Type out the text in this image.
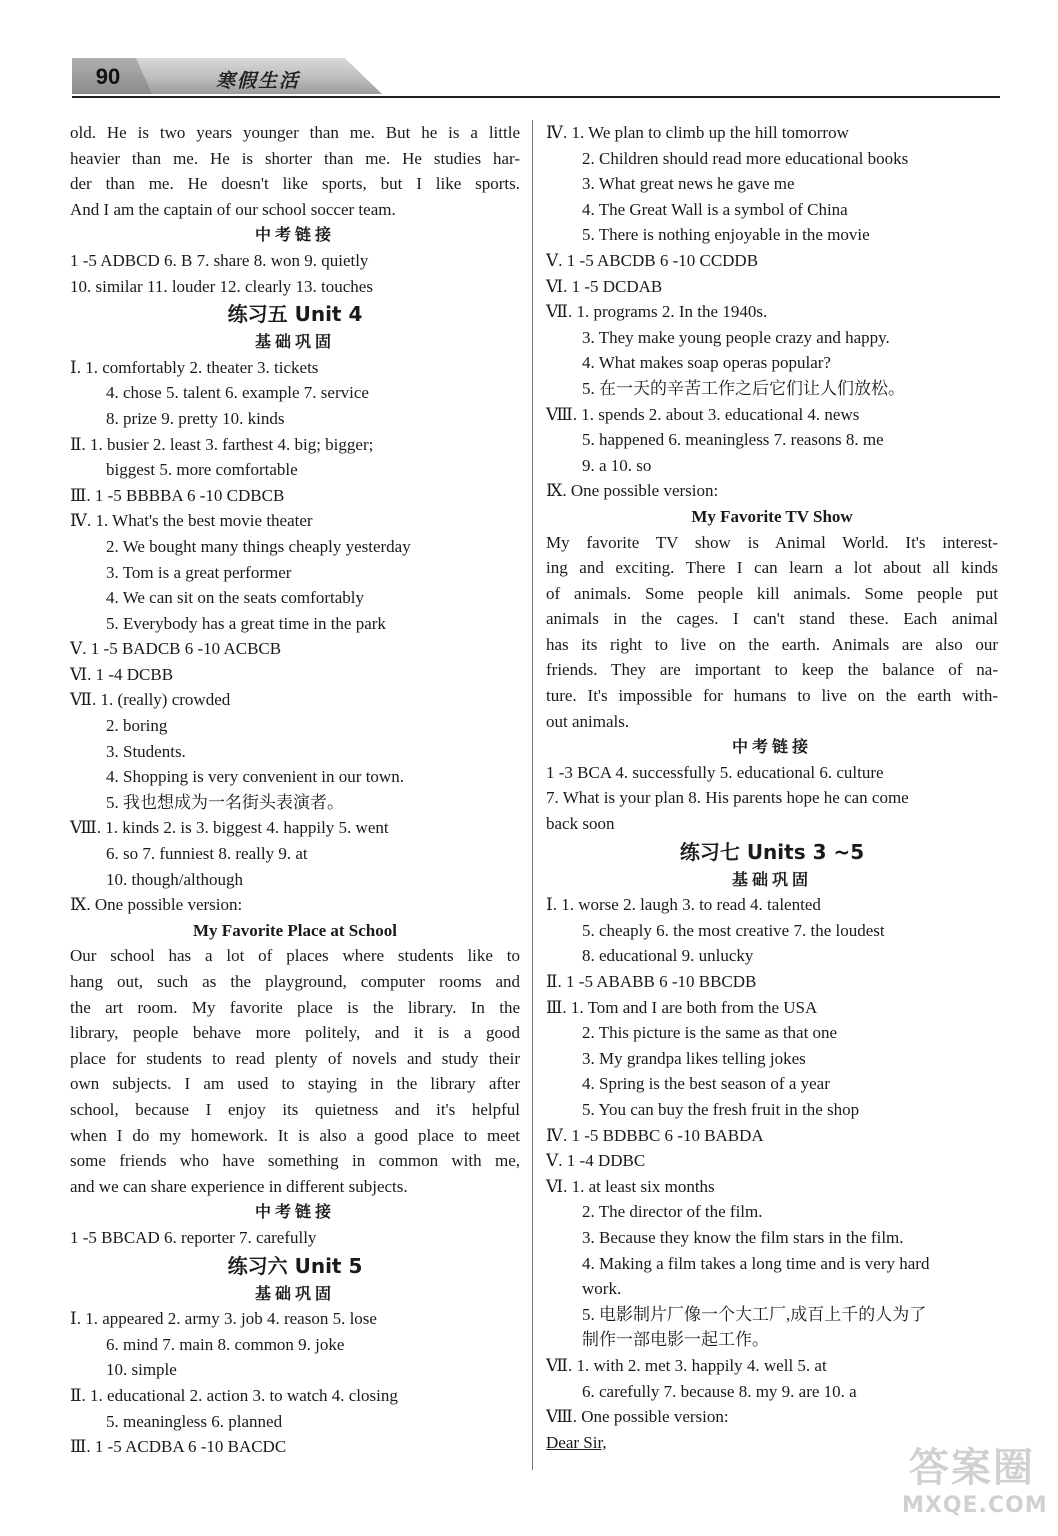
90	寒假生活
old. He is two years younger than me. But he is a little
heavier than me. He is shorter than me. He studies har-
der than me. He doesn't like sports, but I like sports.
And I am the captain of our school soccer team.
中考链接
1 -5 ADBCD 6. B 7. share 8. won 9. quietly
10. similar 11. louder 12. clearly 13. touches
练习五 Unit 4
基础巩固
Ⅰ. 1. comfortably 2. theater 3. tickets
4. chose 5. talent 6. example 7. service
8. prize 9. pretty 10. kinds
Ⅱ. 1. busier 2. least 3. farthest 4. big; bigger;
biggest 5. more comfortable
Ⅲ. 1 -5 BBBBA 6 -10 CDBCB
Ⅳ. 1. What's the best movie theater
2. We bought many things cheaply yesterday
3. Tom is a great performer
4. We can sit on the seats comfortably
5. Everybody has a great time in the park
Ⅴ. 1 -5 BADCB 6 -10 ACBCB
Ⅵ. 1 -4 DCBB
Ⅶ. 1. (really) crowded
2. boring
3. Students.
4. Shopping is very convenient in our town.
5. 我也想成为一名街头表演者。
Ⅷ. 1. kinds 2. is 3. biggest 4. happily 5. went
6. so 7. funniest 8. really 9. at
10. though/although
Ⅸ. One possible version:
My Favorite Place at School
Our school has a lot of places where students like to
hang out, such as the playground, computer rooms and
the art room. My favorite place is the library. In the
library, people behave more politely, and it is a good
place for students to read plenty of novels and study their
own subjects. I am used to staying in the library after
school, because I enjoy its quietness and it's helpful
when I do my homework. It is also a good place to meet
some friends who have something in common with me,
and we can share experience in different subjects.
中考链接
1 -5 BBCAD 6. reporter 7. carefully
练习六 Unit 5
基础巩固
Ⅰ. 1. appeared 2. army 3. job 4. reason 5. lose
6. mind 7. main 8. common 9. joke
10. simple
Ⅱ. 1. educational 2. action 3. to watch 4. closing
5. meaningless 6. planned
Ⅲ. 1 -5 ACDBA 6 -10 BACDC
Ⅳ. 1. We plan to climb up the hill tomorrow
2. Children should read more educational books
3. What great news he gave me
4. The Great Wall is a symbol of China
5. There is nothing enjoyable in the movie
Ⅴ. 1 -5 ABCDB 6 -10 CCDDB
Ⅵ. 1 -5 DCDAB
Ⅶ. 1. programs 2. In the 1940s.
3. They make young people crazy and happy.
4. What makes soap operas popular?
5. 在一天的辛苦工作之后它们让人们放松。
Ⅷ. 1. spends 2. about 3. educational 4. news
5. happened 6. meaningless 7. reasons 8. me
9. a 10. so
Ⅸ. One possible version:
My Favorite TV Show
My favorite TV show is Animal World. It's interest-
ing and exciting. There I can learn a lot about all kinds
of animals. Some people kill animals. Some people put
animals in the cages. I can't stand these. Each animal
has its right to live on the earth. Animals are also our
friends. They are important to keep the balance of na-
ture. It's impossible for humans to live on the earth with-
out animals.
中考链接
1 -3 BCA 4. successfully 5. educational 6. culture
7. What is your plan 8. His parents hope he can come
back soon
练习七 Units 3 ~5
基础巩固
Ⅰ. 1. worse 2. laugh 3. to read 4. talented
5. cheaply 6. the most creative 7. the loudest
8. educational 9. unlucky
Ⅱ. 1 -5 ABABB 6 -10 BBCDB
Ⅲ. 1. Tom and I are both from the USA
2. This picture is the same as that one
3. My grandpa likes telling jokes
4. Spring is the best season of a year
5. You can buy the fresh fruit in the shop
Ⅳ. 1 -5 BDBBC 6 -10 BABDA
Ⅴ. 1 -4 DDBC
Ⅵ. 1. at least six months
2. The director of the film.
3. Because they know the film stars in the film.
4. Making a film takes a long time and is very hard
work.
5. 电影制片厂像一个大工厂,成百上千的人为了
制作一部电影一起工作。
Ⅶ. 1. with 2. met 3. happily 4. well 5. at
6. carefully 7. because 8. my 9. are 10. a
Ⅷ. One possible version:
Dear Sir,
答案圈
MXQE.COM
